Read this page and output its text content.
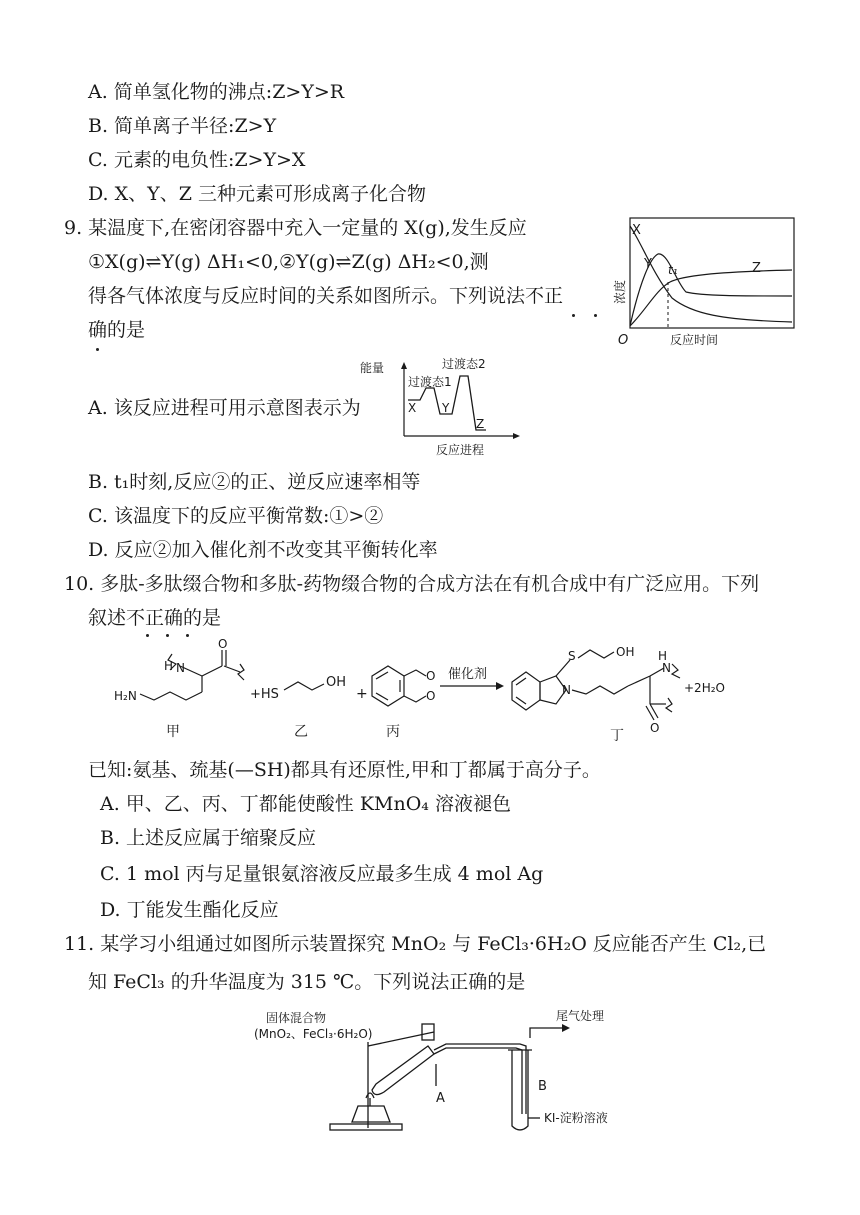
A. 简单氢化物的沸点:Z>Y>R
B. 简单离子半径:Z>Y
C. 元素的电负性:Z>Y>X
D. X、Y、Z 三种元素可形成离子化合物
9. 某温度下,在密闭容器中充入一定量的 X(g),发生反应
①X(g)⇌Y(g) ΔH₁<0,②Y(g)⇌Z(g) ΔH₂<0,测
得各气体浓度与反应时间的关系如图所示。下列说法不正
确的是
X
Y t₁	Z
O	反应时间
浓度
A. 该反应进程可用示意图表示为
能量
过渡态1
过渡态2
X Y
Z
反应进程
B. t₁时刻,反应②的正、逆反应速率相等
C. 该温度下的反应平衡常数:①>②
D. 反应②加入催化剂不改变其平衡转化率
10. 多肽-多肽缀合物和多肽-药物缀合物的合成方法在有机合成中有广泛应用。下列
叙述不正确的是
H N
O
H₂N
甲
+HS
OH
乙
+
O
O
丙
催化剂
S	OH
N
H
N
O
+2H₂O
丁
已知:氨基、巯基(—SH)都具有还原性,甲和丁都属于高分子。
A. 甲、乙、丙、丁都能使酸性 KMnO₄ 溶液褪色
B. 上述反应属于缩聚反应
C. 1 mol 丙与足量银氨溶液反应最多生成 4 mol Ag
D. 丁能发生酯化反应
11. 某学习小组通过如图所示装置探究 MnO₂ 与 FeCl₃·6H₂O 反应能否产生 Cl₂,已
知 FeCl₃ 的升华温度为 315 ℃。下列说法正确的是
固体混合物
(MnO₂、FeCl₃·6H₂O)
A
B
尾气处理
KI-淀粉溶液
